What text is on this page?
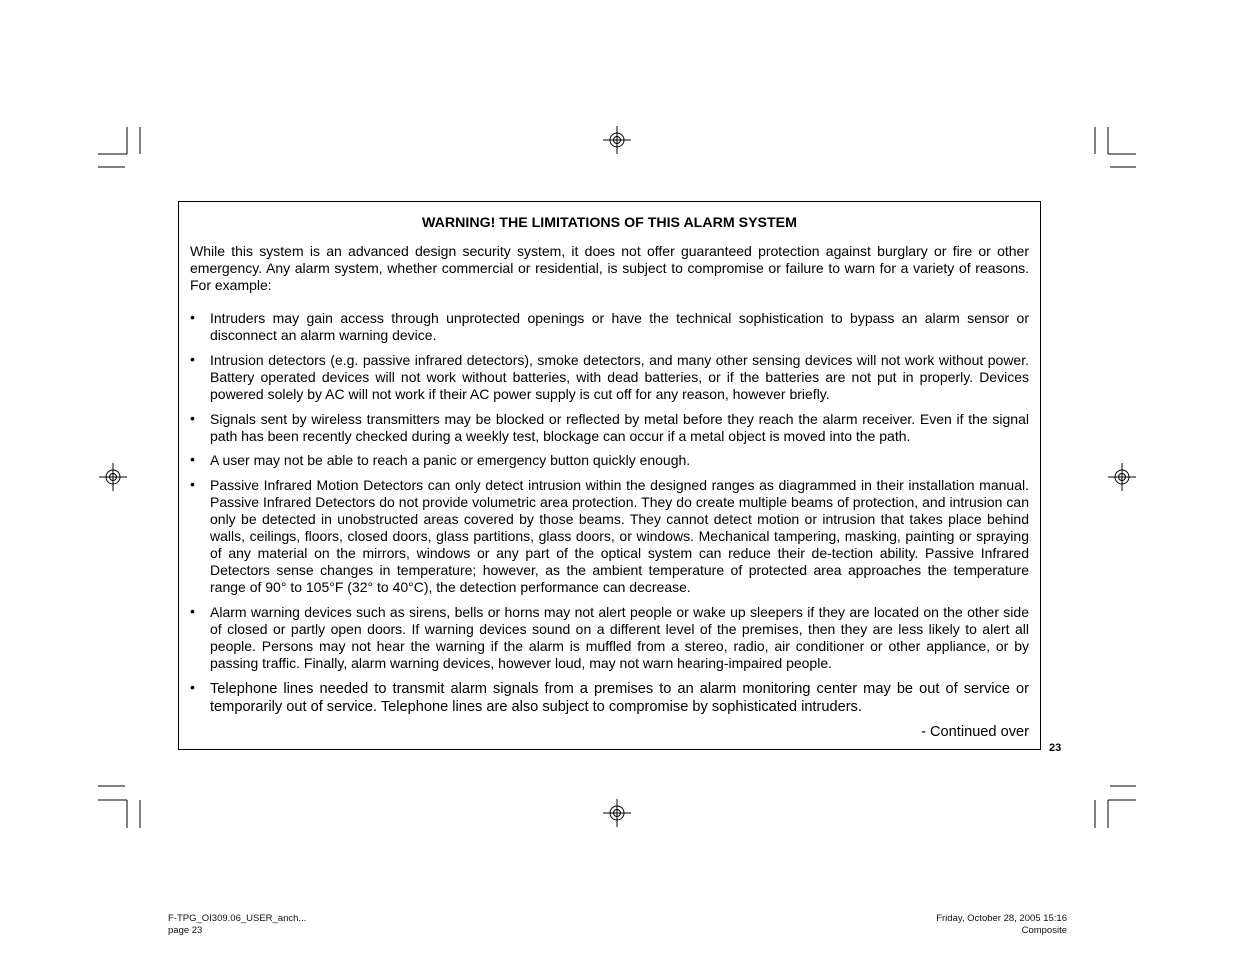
WARNING! THE LIMITATIONS OF THIS ALARM SYSTEM
While this system is an advanced design security system, it does not offer guaranteed protection against burglary or fire or other emergency. Any alarm system, whether commercial or residential, is subject to compromise or failure to warn for a variety of reasons. For example:
• Intruders may gain access through unprotected openings or have the technical sophistication to bypass an alarm sensor or disconnect an alarm warning device.
• Intrusion detectors (e.g. passive infrared detectors), smoke detectors, and many other sensing devices will not work without power. Battery operated devices will not work without batteries, with dead batteries, or if the batteries are not put in properly. Devices powered solely by AC will not work if their AC power supply is cut off for any reason, however briefly.
• Signals sent by wireless transmitters may be blocked or reflected by metal before they reach the alarm receiver. Even if the signal path has been recently checked during a weekly test, blockage can occur if a metal object is moved into the path.
• A user may not be able to reach a panic or emergency button quickly enough.
• Passive Infrared Motion Detectors can only detect intrusion within the designed ranges as diagrammed in their installation manual. Passive Infrared Detectors do not provide volumetric area protection. They do create multiple beams of protection, and intrusion can only be detected in unobstructed areas covered by those beams. They cannot detect motion or intrusion that takes place behind walls, ceilings, floors, closed doors, glass partitions, glass doors, or windows. Mechanical tampering, masking, painting or spraying of any material on the mirrors, windows or any part of the optical system can reduce their de-tection ability. Passive Infrared Detectors sense changes in temperature; however, as the ambient temperature of protected area approaches the temperature range of 90° to 105°F (32° to 40°C), the detection performance can decrease.
• Alarm warning devices such as sirens, bells or horns may not alert people or wake up sleepers if they are located on the other side of closed or partly open doors. If warning devices sound on a different level of the premises, then they are less likely to alert all people. Persons may not hear the warning if the alarm is muffled from a stereo, radio, air conditioner or other appliance, or by passing traffic. Finally, alarm warning devices, however loud, may not warn hearing-impaired people.
• Telephone lines needed to transmit alarm signals from a premises to an alarm monitoring center may be out of service or temporarily out of service. Telephone lines are also subject to compromise by sophisticated intruders.
- Continued over
23
F-TPG_OI309.06_USER_anch...
page 23
Friday, October 28, 2005 15:16
Composite
